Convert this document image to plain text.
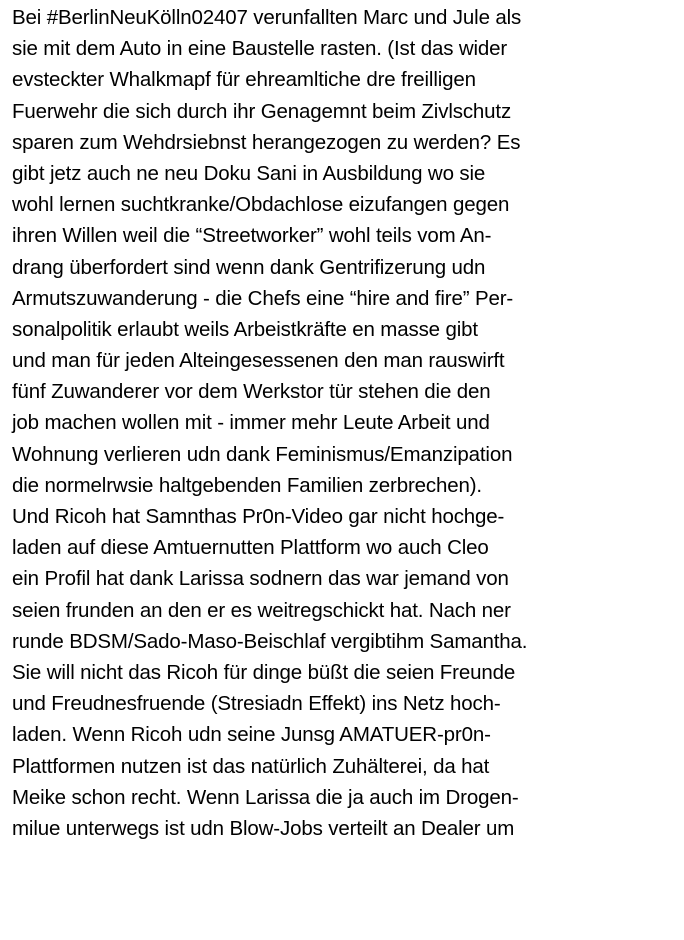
Bei #BerlinNeuKölln02407 verunfallten Marc und Jule als
sie mit dem Auto in eine Baustelle rasten. (Ist das wider
evsteckter Whalkmapf für ehreamltiche dre freilligen
Fuerwehr die sich durch ihr Genagemnt beim Zivlschutz
sparen zum Wehdrsiebnst herangezogen zu werden? Es
gibt jetz auch ne neu Doku Sani in Ausbildung wo sie
wohl lernen suchtkranke/Obdachlose eizufangen gegen
ihren Willen weil die “Streetworker” wohl teils vom An-
drang überfordert sind wenn dank Gentrifizerung udn
Armutszuwanderung - die Chefs eine “hire and fire” Per-
sonalpolitik erlaubt weils Arbeistkräfte en masse gibt
und man für jeden Alteingesessenen den man rauswirft
fünf Zuwanderer vor dem Werkstor tür stehen die den
job machen wollen mit - immer mehr Leute Arbeit und
Wohnung verlieren udn dank Feminismus/Emanzipation
die normelrwsie haltgebenden Familien zerbrechen).
Und Ricoh hat Samnthas Pr0n-Video gar nicht hochge-
laden auf diese Amtuernutten Plattform wo auch Cleo
ein Profil hat dank Larissa sodnern das war jemand von
seien frunden an den er es weitregschickt hat. Nach ner
runde BDSM/Sado-Maso-Beischlaf vergibtihm Samantha.
Sie will nicht das Ricoh für dinge büßt die seien Freunde
und Freudnesfruende (Stresiadn Effekt) ins Netz hoch-
laden. Wenn Ricoh udn seine Junsg AMATUER-pr0n-
Plattformen nutzen ist das natürlich Zuhälterei, da hat
Meike schon recht. Wenn Larissa die ja auch im Drogen-
milue unterwegs ist udn Blow-Jobs verteilt an Dealer um
